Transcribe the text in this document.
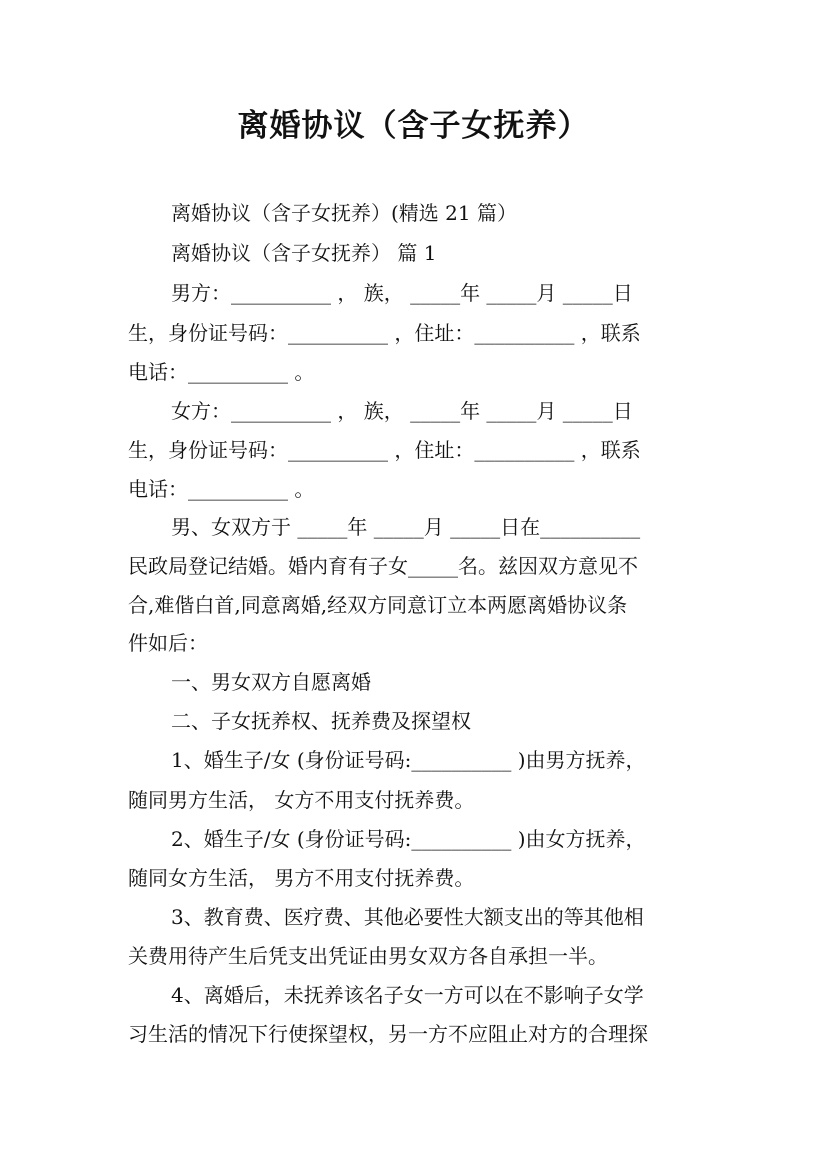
离婚协议（含子女抚养）
离婚协议（含子女抚养）(精选 21 篇）
离婚协议（含子女抚养） 篇 1
男方：__________ ， 族， _____年 _____月 _____日
生，身份证号码：__________ ，住址：__________ ，联系
电话：__________ 。
女方：__________ ， 族， _____年 _____月 _____日
生，身份证号码：__________ ，住址：__________ ，联系
电话：__________ 。
男、女双方于 _____年 _____月 _____日在__________
民政局登记结婚。婚内育有子女_____名。兹因双方意见不
合,难偕白首,同意离婚,经双方同意订立本两愿离婚协议条
件如后：
一、男女双方自愿离婚
二、子女抚养权、抚养费及探望权
1、婚生子/女 (身份证号码:__________ )由男方抚养，
随同男方生活， 女方不用支付抚养费。
2、婚生子/女 (身份证号码:__________ )由女方抚养，
随同女方生活， 男方不用支付抚养费。
3、教育费、医疗费、其他必要性大额支出的等其他相
关费用待产生后凭支出凭证由男女双方各自承担一半。
4、离婚后，未抚养该名子女一方可以在不影响子女学
习生活的情况下行使探望权，另一方不应阻止对方的合理探
